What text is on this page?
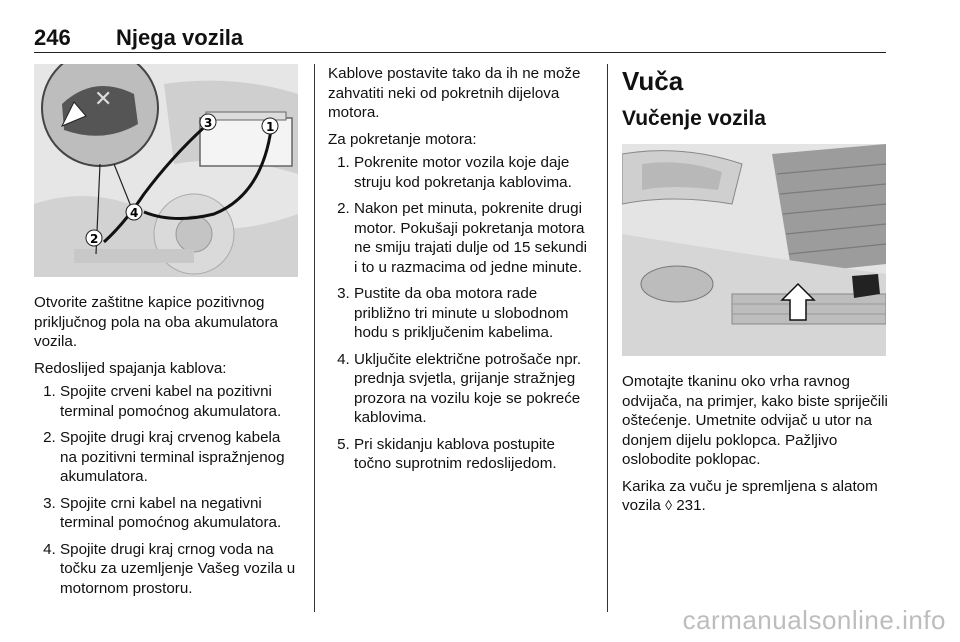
246 Njega vozila
✕
1
2
3
4

Otvorite zaštitne kapice pozitivnog priključnog pola na oba akumulatora vozila.

Redoslijed spajanja kablova:

1. Spojite crveni kabel na pozitivni terminal pomoćnog akumulatora.
2. Spojite drugi kraj crvenog kabela na pozitivni terminal ispražnjenog akumulatora.
3. Spojite crni kabel na negativni terminal pomoćnog akumulatora.
4. Spojite drugi kraj crnog voda na točku za uzemljenje Vašeg vozila u motornom prostoru.

Kablove postavite tako da ih ne može zahvatiti neki od pokretnih dijelova motora.

Za pokretanje motora:

1. Pokrenite motor vozila koje daje struju kod pokretanja kablovima.
2. Nakon pet minuta, pokrenite drugi motor. Pokušaji pokretanja motora ne smiju trajati dulje od 15 sekundi i to u razmacima od jedne minute.
3. Pustite da oba motora rade približno tri minute u slobodnom hodu s priključenim kabelima.
4. Uključite električne potrošače npr. prednja svjetla, grijanje stražnjeg prozora na vozilu koje se pokreće kablovima.
5. Pri skidanju kablova postupite točno suprotnim redoslijedom.
Vuča
Vučenje vozila

Omotajte tkaninu oko vrha ravnog odvijača, na primjer, kako biste spriječili oštećenje. Umetnite odvijač u utor na donjem dijelu poklopca. Pažljivo oslobodite poklopac.

Karika za vuču je spremljena s alatom vozila ◊ 231.

carmanualsonline.info
